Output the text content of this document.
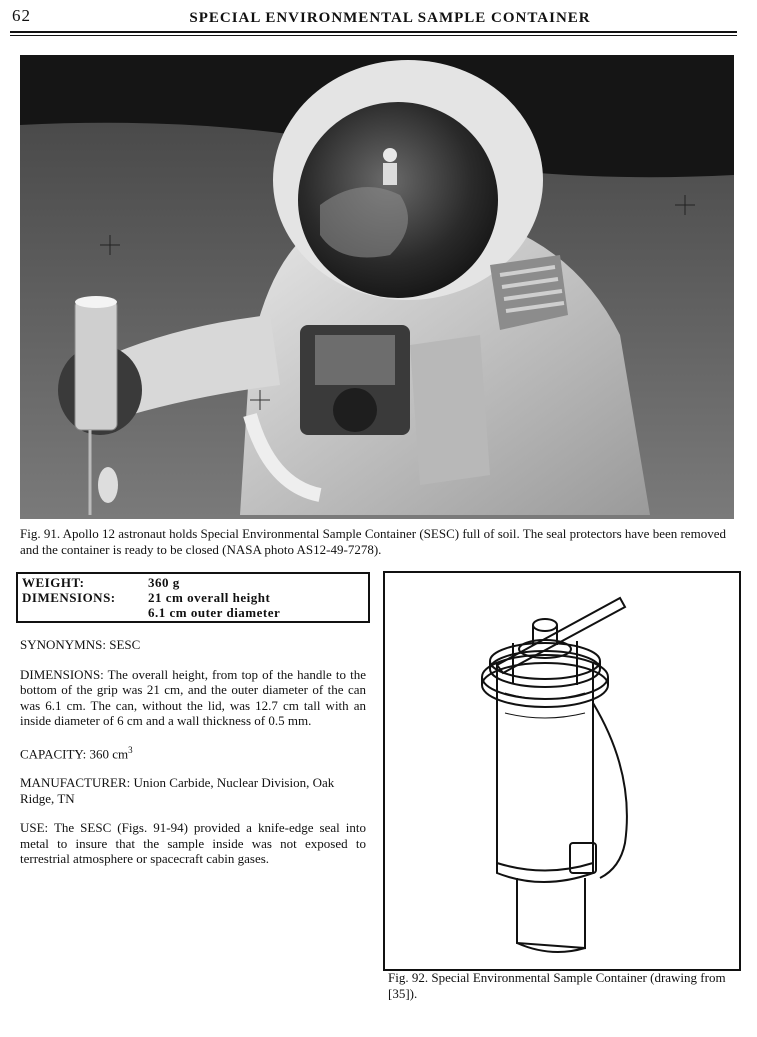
62	SPECIAL ENVIRONMENTAL SAMPLE CONTAINER
Fig. 91. Apollo 12 astronaut holds Special Environmental Sample Container (SESC) full of soil. The seal protectors have been removed and the container is ready to be closed (NASA photo AS12-49-7278).
WEIGHT:	360 g
DIMENSIONS:	21 cm overall height
6.1 cm outer diameter

SYNONYMNS: SESC

DIMENSIONS: The overall height, from top of the handle to the bottom of the grip was 21 cm, and the outer diameter of the can was 6.1 cm. The can, without the lid, was 12.7 cm tall with an inside diameter of 6 cm and a wall thickness of 0.5 mm.

CAPACITY: 360 $cm^3$

MANUFACTURER: Union Carbide, Nuclear Division, Oak Ridge, TN

USE: The SESC (Figs. 91-94) provided a knife-edge seal into metal to insure that the sample inside was not exposed to terrestrial atmosphere or spacecraft cabin gases.

Fig. 92. Special Environmental Sample Container (drawing from [35]).
